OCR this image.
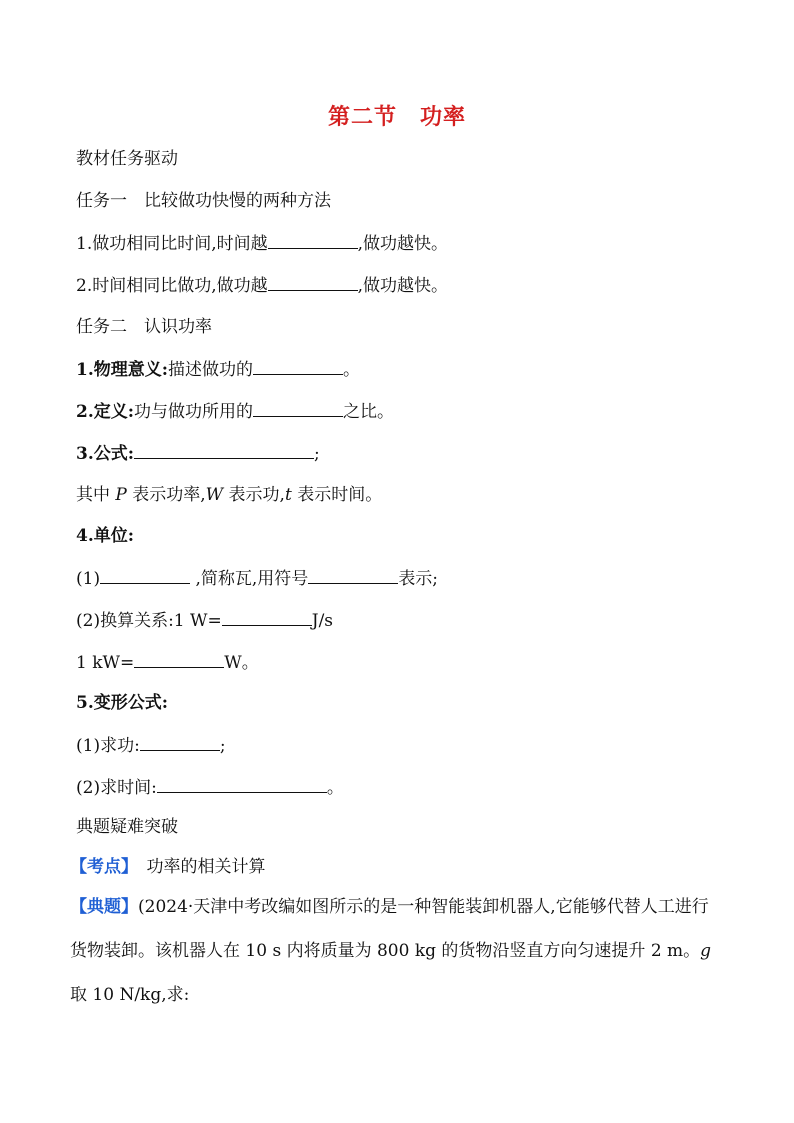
第二节　功率
教材任务驱动
任务一　比较做功快慢的两种方法
1.做功相同比时间,时间越	,做功越快。
2.时间相同比做功,做功越	,做功越快。
任务二　认识功率
1.物理意义:描述做功的	。
2.定义:功与做功所用的	之比。
3.公式:	;
其中 P 表示功率,W 表示功,t 表示时间。
4.单位:
(1)	,简称瓦,用符号	表示;
(2)换算关系:1 W=	J/s
1 kW=	W。
5.变形公式:
(1)求功:	;
(2)求时间:	。
典题疑难突破
【考点】　功率的相关计算
【典题】(2024·天津中考改编如图所示的是一种智能装卸机器人,它能够代替人工进行货物装卸。该机器人在 10 s 内将质量为 800 kg 的货物沿竖直方向匀速提升 2 m。g 取 10 N/kg,求:
